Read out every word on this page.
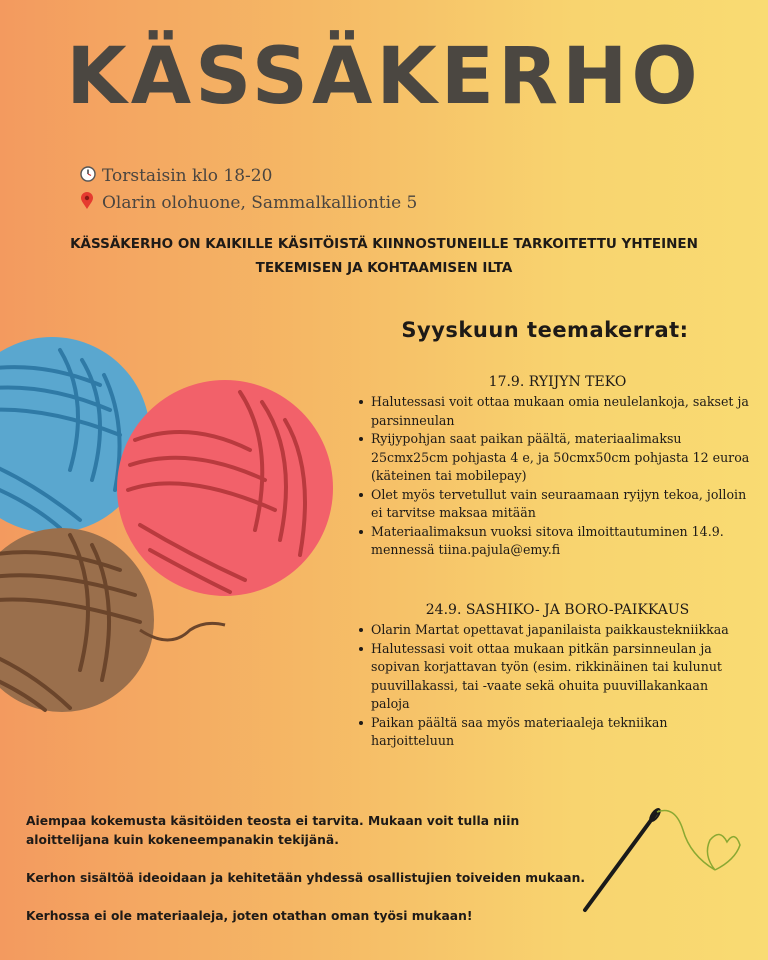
KÄSSÄKERHO
Torstaisin klo 18-20
Olarin olohuone, Sammalkalliontie 5

KÄSSÄKERHO ON KAIKILLE KÄSITÖISTÄ KIINNOSTUNEILLE TARKOITETTU YHTEINEN TEKEMISEN JA KOHTAAMISEN ILTA

Syyskuun teemakerrat:
17.9. RYIJYN TEKO
Halutessasi voit ottaa mukaan omia neulelankoja, sakset ja parsinneulan
Ryijypohjan saat paikan päältä, materiaalimaksu 25cmx25cm pohjasta 4 e, ja 50cmx50cm pohjasta 12 euroa (käteinen tai mobilepay)
Olet myös tervetullut vain seuraamaan ryijyn tekoa, jolloin ei tarvitse maksaa mitään
Materiaalimaksun vuoksi sitova ilmoittautuminen 14.9. mennessä tiina.pajula@emy.fi
24.9. SASHIKO- JA BORO-PAIKKAUS
Olarin Martat opettavat japanilaista paikkaustekniikkaa
Halutessasi voit ottaa mukaan pitkän parsinneulan ja sopivan korjattavan työn (esim. rikkinäinen tai kulunut puuvillakassi, tai -vaate sekä ohuita puuvillakankaan paloja
Paikan päältä saa myös materiaaleja tekniikan harjoitteluun

Aiempaa kokemusta käsitöiden teosta ei tarvita. Mukaan voit tulla niin aloittelijana kuin kokeneempanakin tekijänä.

Kerhon sisältöä ideoidaan ja kehitetään yhdessä osallistujien toiveiden mukaan.

Kerhossa ei ole materiaaleja, joten otathan oman työsi mukaan!
